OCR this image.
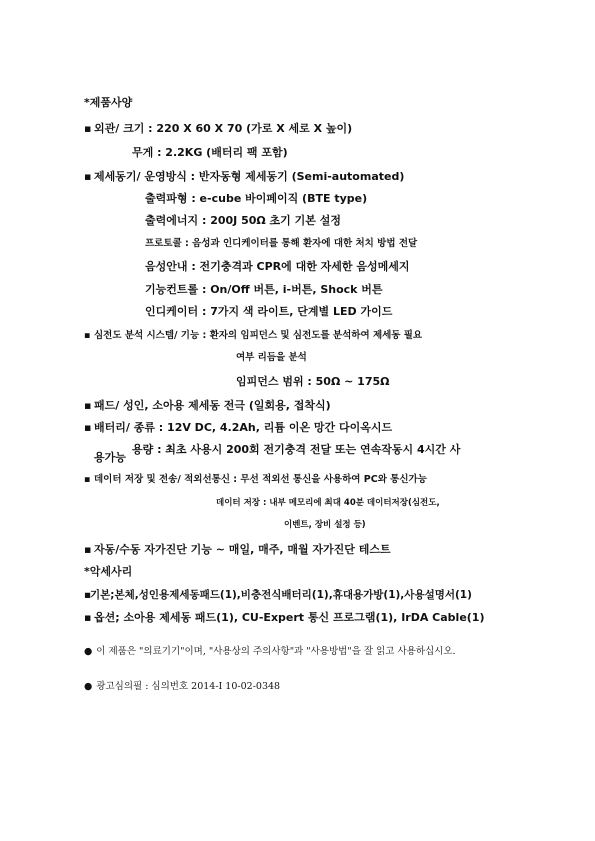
*제품사양
▪ 외관/ 크기 : 220 X 60 X 70 (가로 X 세로 X 높이)
무게 : 2.2KG (배터리 팩 포함)
▪ 제세동기/ 운영방식 : 반자동형 제세동기 (Semi-automated)
출력파형 : e-cube 바이페이직 (BTE type)
출력에너지 : 200J 50Ω 초기 기본 설정
프로토콜 : 음성과 인디케이터를 통해 환자에 대한 처치 방법 전달
음성안내 : 전기충격과 CPR에 대한 자세한 음성메세지
기능컨트롤 : On/Off 버튼, i-버튼, Shock 버튼
인디케이터 : 7가지 색 라이트, 단계별 LED 가이드
▪ 심전도 분석 시스템/ 기능 : 환자의 임피던스 및 심전도를 분석하여 제세동 필요
여부 리듬을 분석
임피던스 범위 : 50Ω ~ 175Ω
▪ 패드/ 성인, 소아용 제세동 전극 (일회용, 접착식)
▪ 배터리/ 종류 : 12V DC, 4.2Ah, 리튬 이온 망간 다이옥시드
용량 : 최초 사용시 200회 전기충격 전달 또는 연속작동시 4시간 사
용가능
▪ 데이터 저장 및 전송/ 적외선통신 : 무선 적외선 통신을 사용하여 PC와 통신가능
데이터 저장 : 내부 메모리에 최대 40분 데이터저장(심전도,
이벤트, 장비 설정 등)
▪ 자동/수동 자가진단 기능 ~ 매일, 매주, 매월 자가진단 테스트
*악세사리
▪기본;본체,성인용제세동패드(1),비충전식배터리(1),휴대용가방(1),사용설명서(1)
▪ 옵션; 소아용 제세동 패드(1), CU-Expert 통신 프로그램(1), IrDA Cable(1)
● 이 제품은 "의료기기"이며, "사용상의 주의사항"과 "사용방법"을 잘 읽고 사용하십시오.
● 광고심의필 : 심의번호 2014-I 10-02-0348
